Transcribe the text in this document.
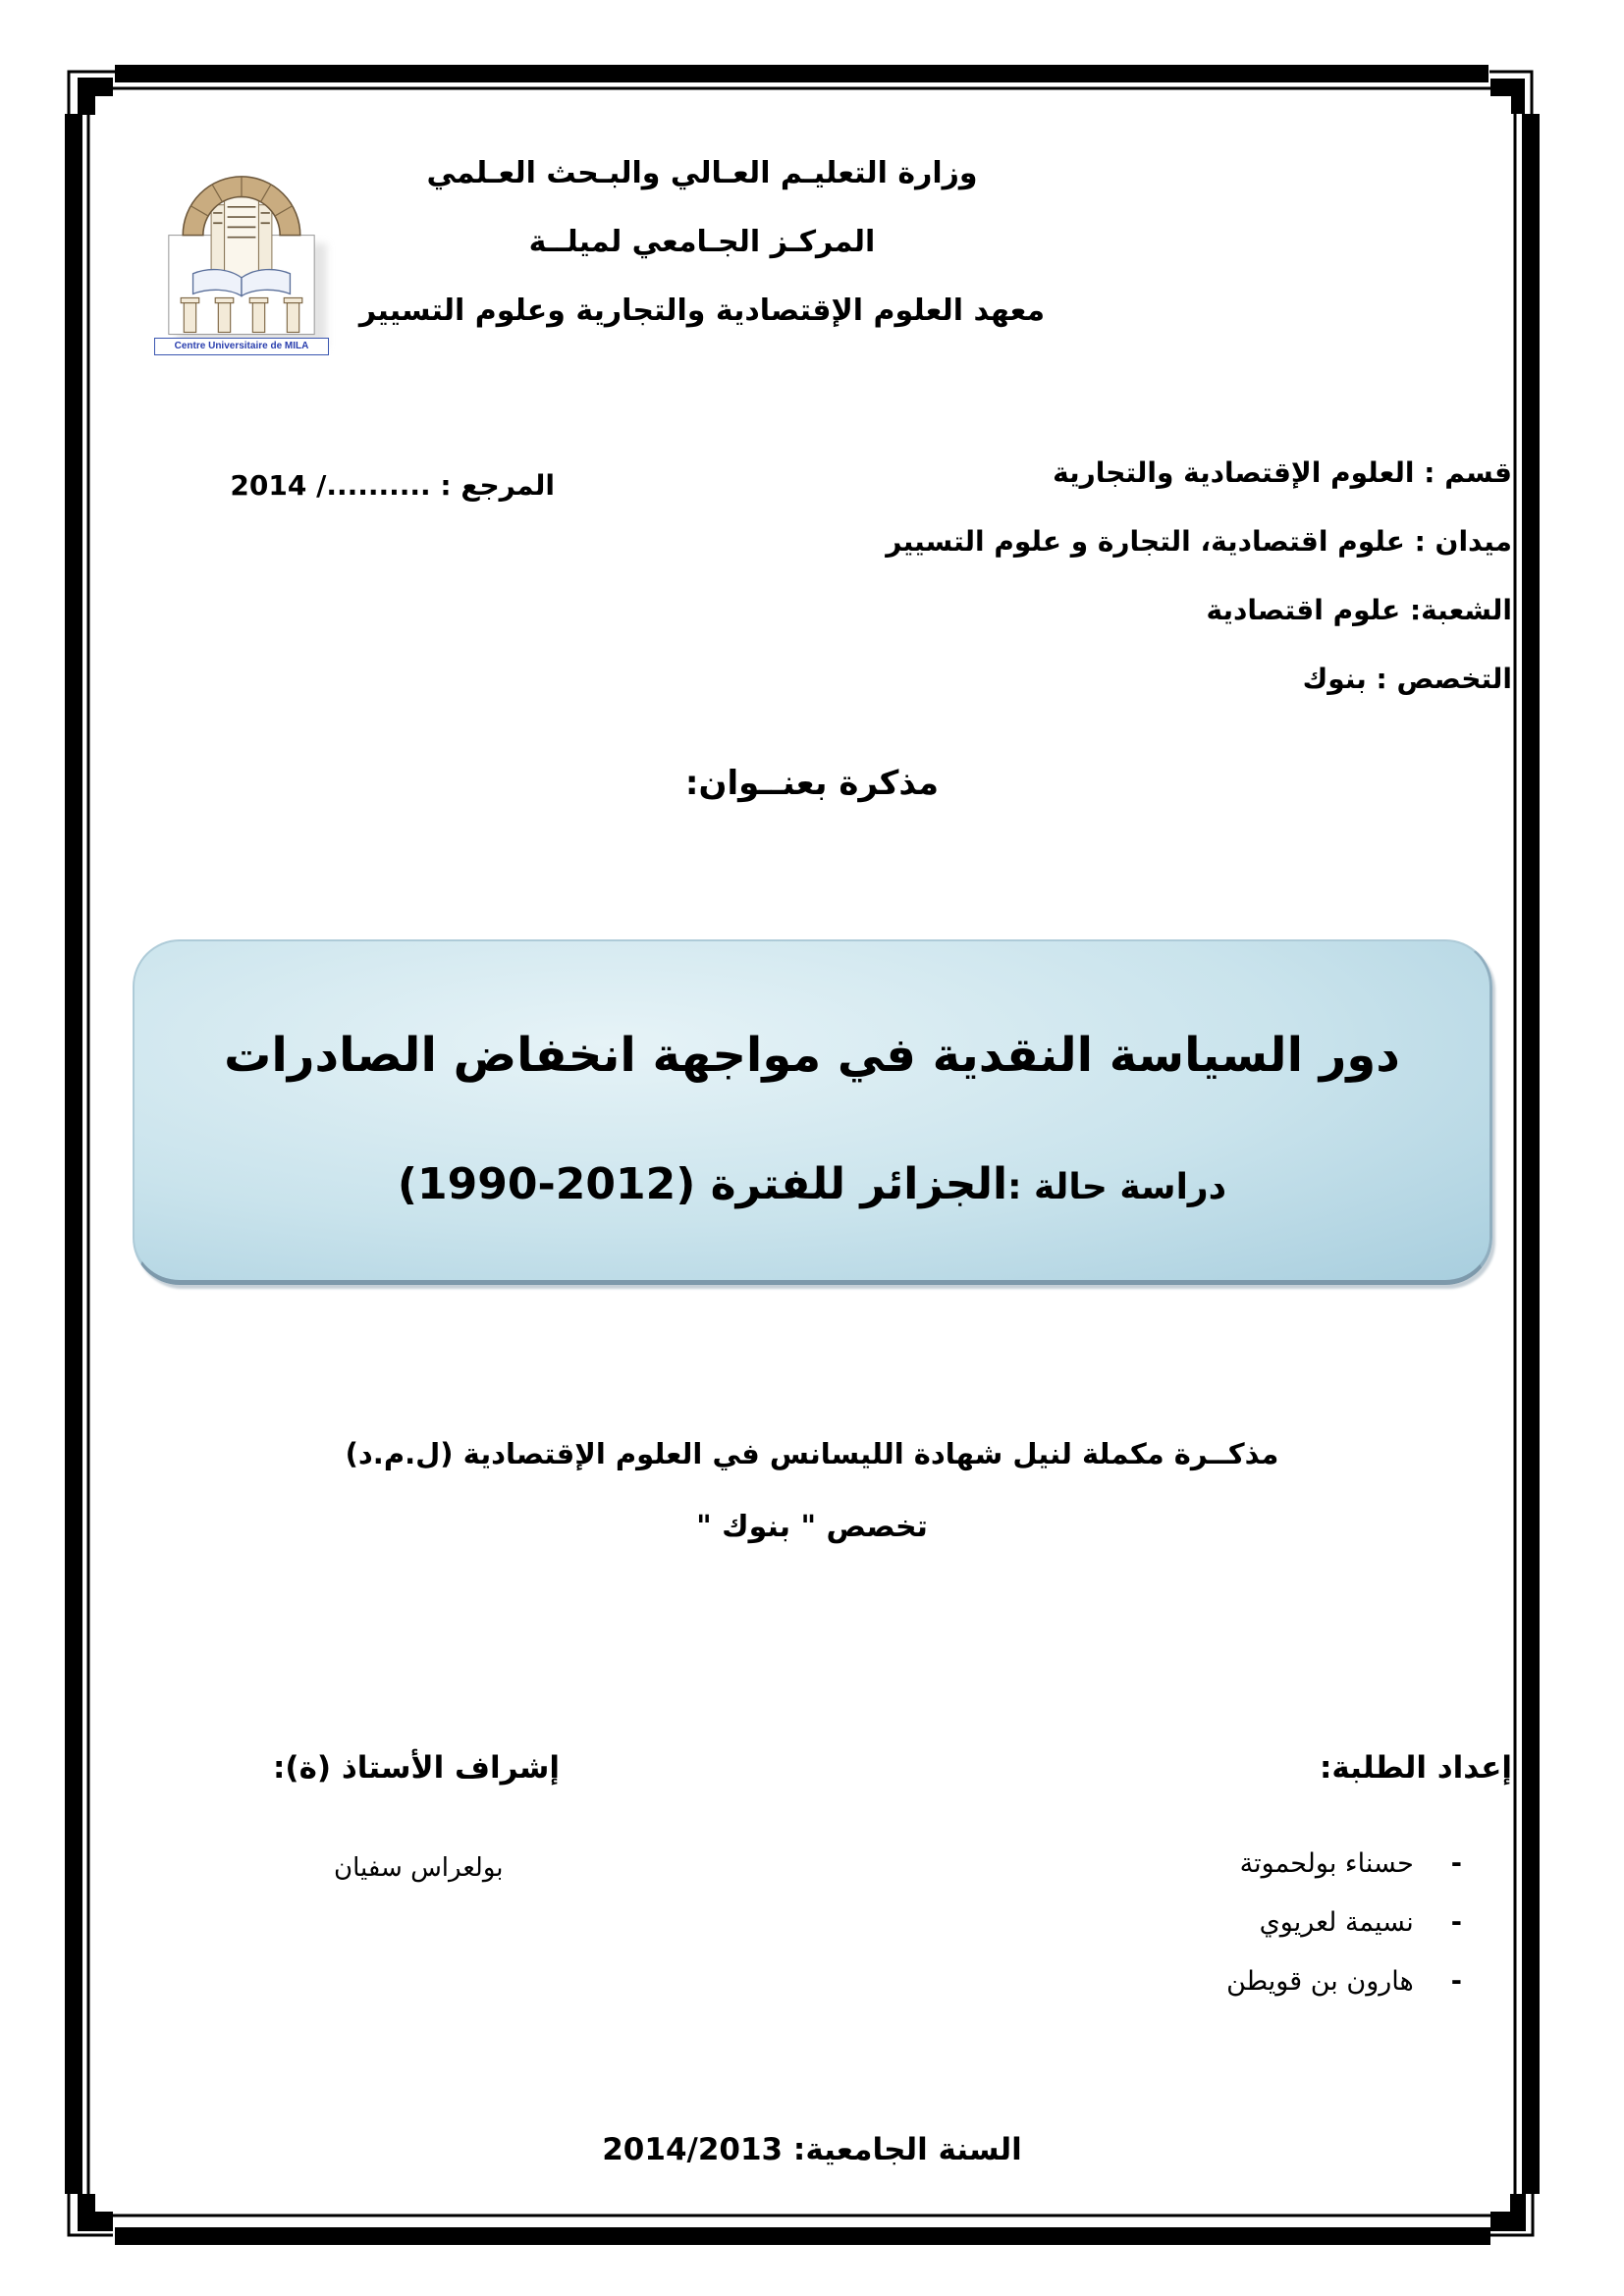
Centre Universitaire de MILA
وزارة التعليـم العـالي والبـحث العـلمي
المركـز الجـامعي لميلــة
معهد العلوم الإقتصادية والتجارية وعلوم التسيير
قسم : العلوم الإقتصادية والتجارية
ميدان : علوم اقتصادية، التجارة و علوم التسيير
الشعبة: علوم اقتصادية
التخصص : بنوك
المرجع : ........../ 2014
مذكرة بعنــوان:
دور السياسة النقدية في مواجهة انخفاض الصادرات
دراسة حالة :الجزائر للفترة (2012-1990)
مذكــرة مكملة لنيل شهادة الليسانس في العلوم الإقتصادية (ل.م.د)
تخصص " بنوك "
إعداد الطلبة:
-
حسناء بولحموتة
-
نسيمة لعريوي
-
هارون بن قويطن
إشراف الأستاذ (ة):
بولعراس سفيان
السنة الجامعية: 2014/2013
